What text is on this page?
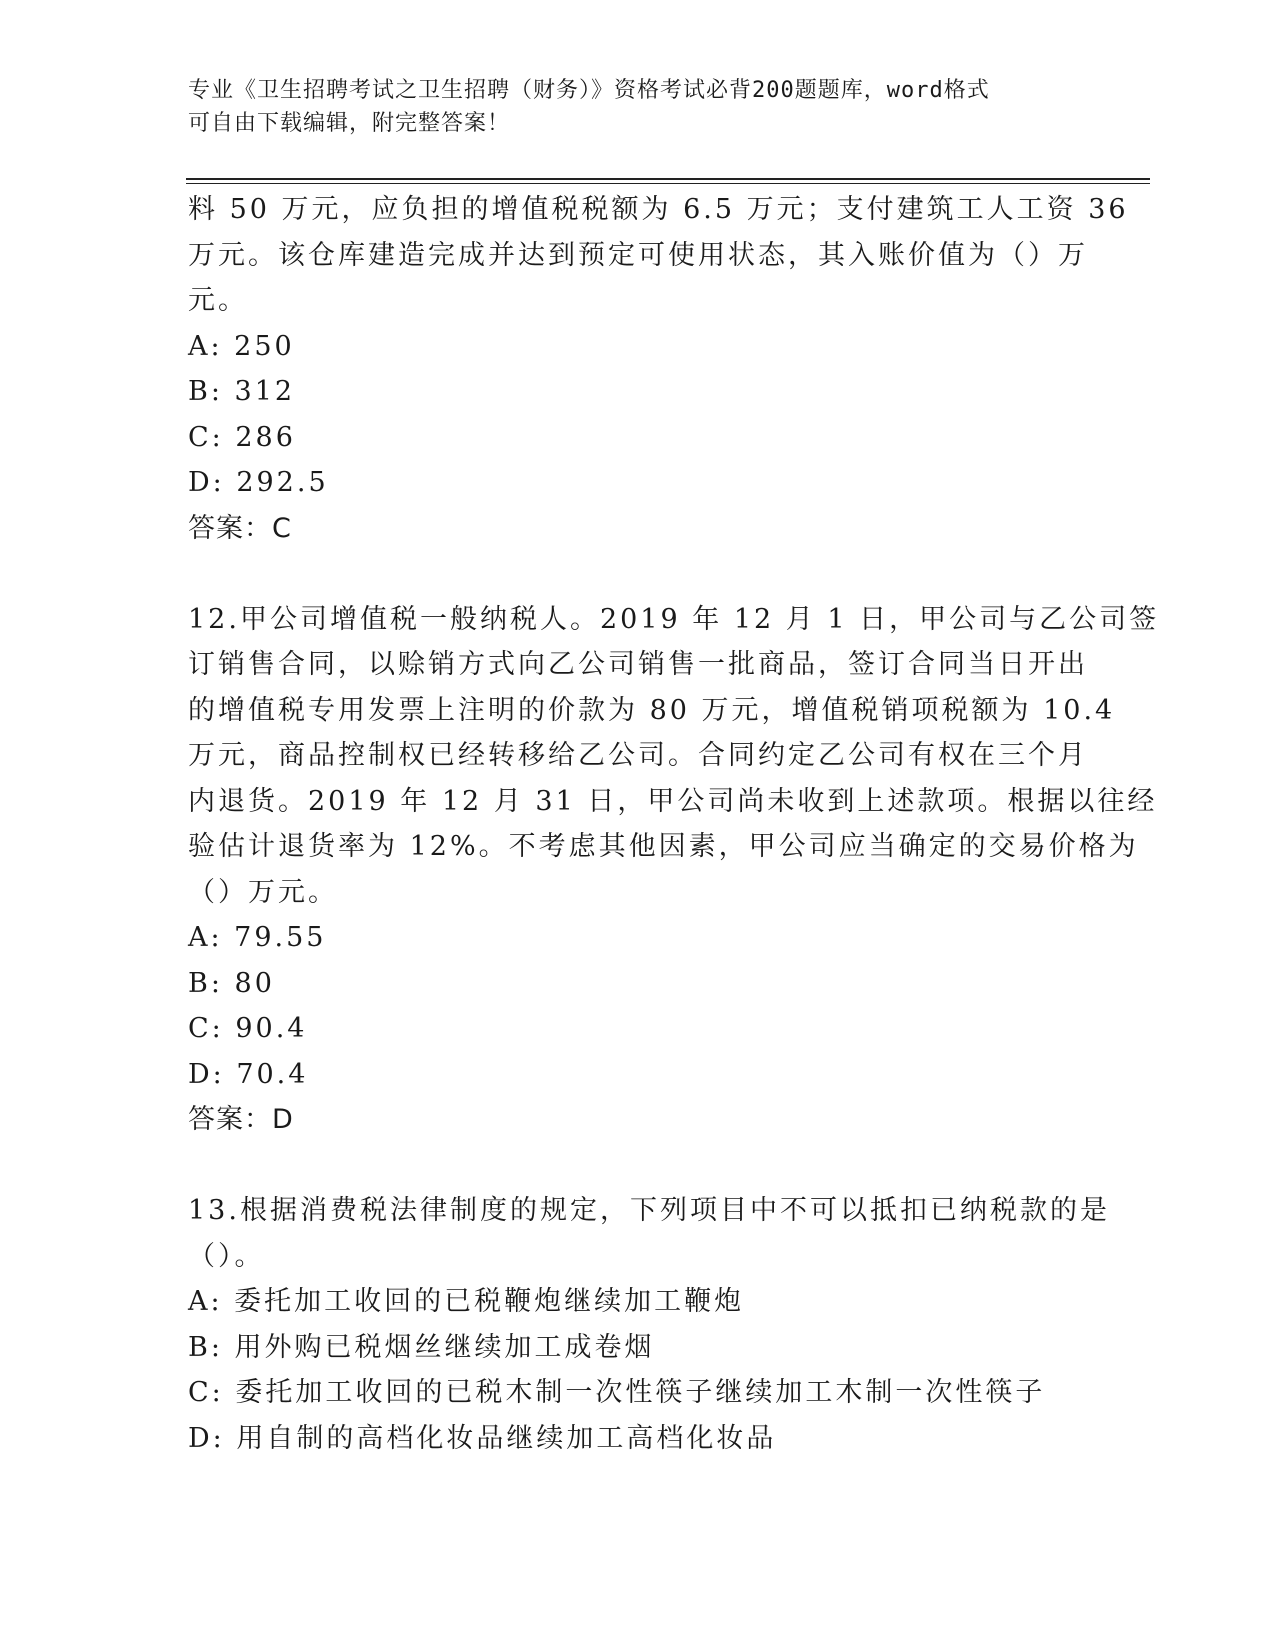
专业《卫生招聘考试之卫生招聘（财务）》资格考试必背200题题库，word格式
可自由下载编辑，附完整答案！
料 50 万元，应负担的增值税税额为 6.5 万元；支付建筑工人工资 36
万元。该仓库建造完成并达到预定可使用状态，其入账价值为（）万
元。
A: 250
B: 312
C: 286
D: 292.5
答案：C
12.甲公司增值税一般纳税人。2019 年 12 月 1 日，甲公司与乙公司签
订销售合同，以赊销方式向乙公司销售一批商品，签订合同当日开出
的增值税专用发票上注明的价款为 80 万元，增值税销项税额为 10.4
万元，商品控制权已经转移给乙公司。合同约定乙公司有权在三个月
内退货。2019 年 12 月 31 日，甲公司尚未收到上述款项。根据以往经
验估计退货率为 12%。不考虑其他因素，甲公司应当确定的交易价格为
（）万元。
A: 79.55
B: 80
C: 90.4
D: 70.4
答案：D
13.根据消费税法律制度的规定，下列项目中不可以抵扣已纳税款的是
（）。
A: 委托加工收回的已税鞭炮继续加工鞭炮
B: 用外购已税烟丝继续加工成卷烟
C: 委托加工收回的已税木制一次性筷子继续加工木制一次性筷子
D: 用自制的高档化妆品继续加工高档化妆品
